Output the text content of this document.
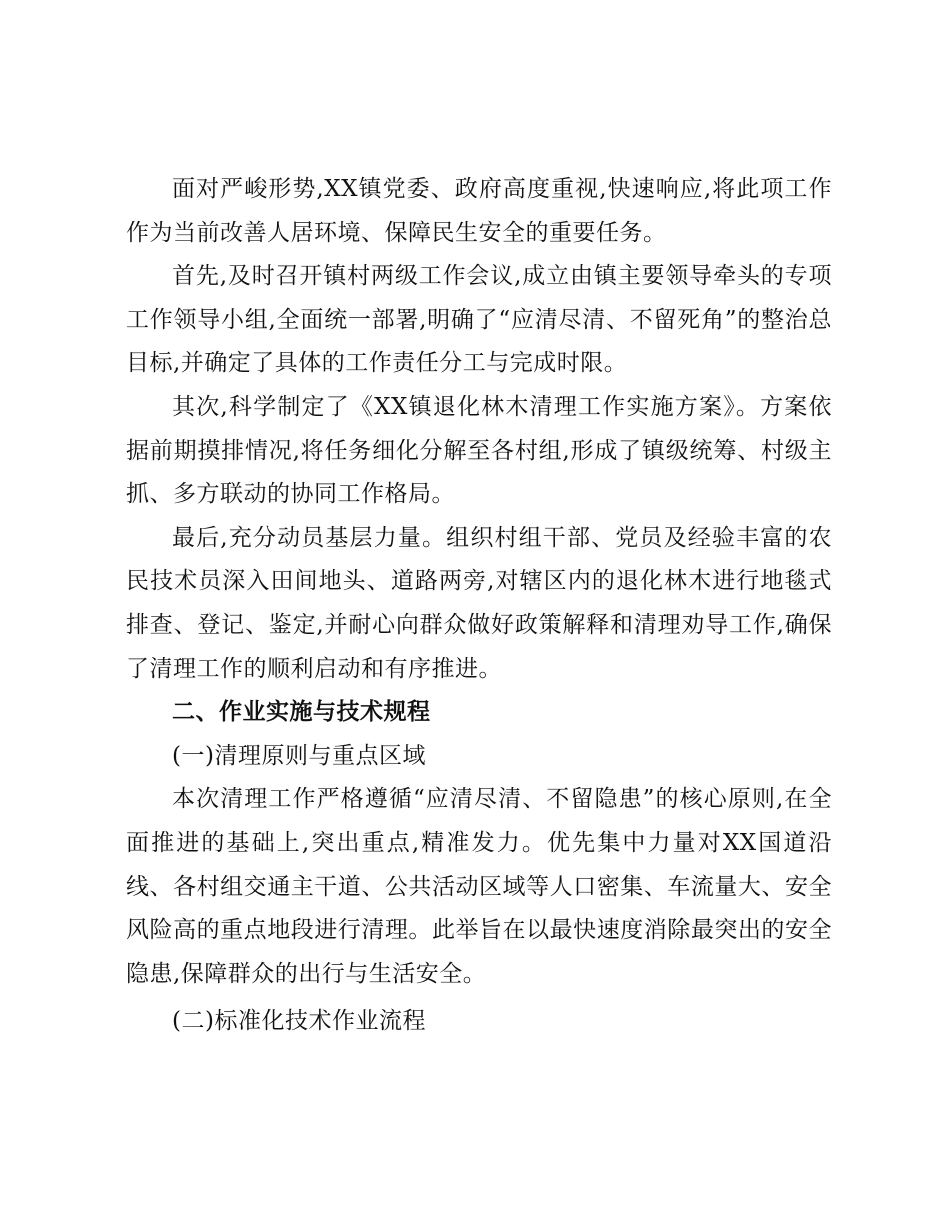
面对严峻形势,XX镇党委、政府高度重视,快速响应,将此项工作作为当前改善人居环境、保障民生安全的重要任务。

首先,及时召开镇村两级工作会议,成立由镇主要领导牵头的专项工作领导小组,全面统一部署,明确了“应清尽清、不留死角”的整治总目标,并确定了具体的工作责任分工与完成时限。

其次,科学制定了《XX镇退化林木清理工作实施方案》。方案依据前期摸排情况,将任务细化分解至各村组,形成了镇级统筹、村级主抓、多方联动的协同工作格局。

最后,充分动员基层力量。组织村组干部、党员及经验丰富的农民技术员深入田间地头、道路两旁,对辖区内的退化林木进行地毯式排查、登记、鉴定,并耐心向群众做好政策解释和清理劝导工作,确保了清理工作的顺利启动和有序推进。

二、作业实施与技术规程

(一)清理原则与重点区域

本次清理工作严格遵循“应清尽清、不留隐患”的核心原则,在全面推进的基础上,突出重点,精准发力。优先集中力量对XX国道沿线、各村组交通主干道、公共活动区域等人口密集、车流量大、安全风险高的重点地段进行清理。此举旨在以最快速度消除最突出的安全隐患,保障群众的出行与生活安全。

(二)标准化技术作业流程
